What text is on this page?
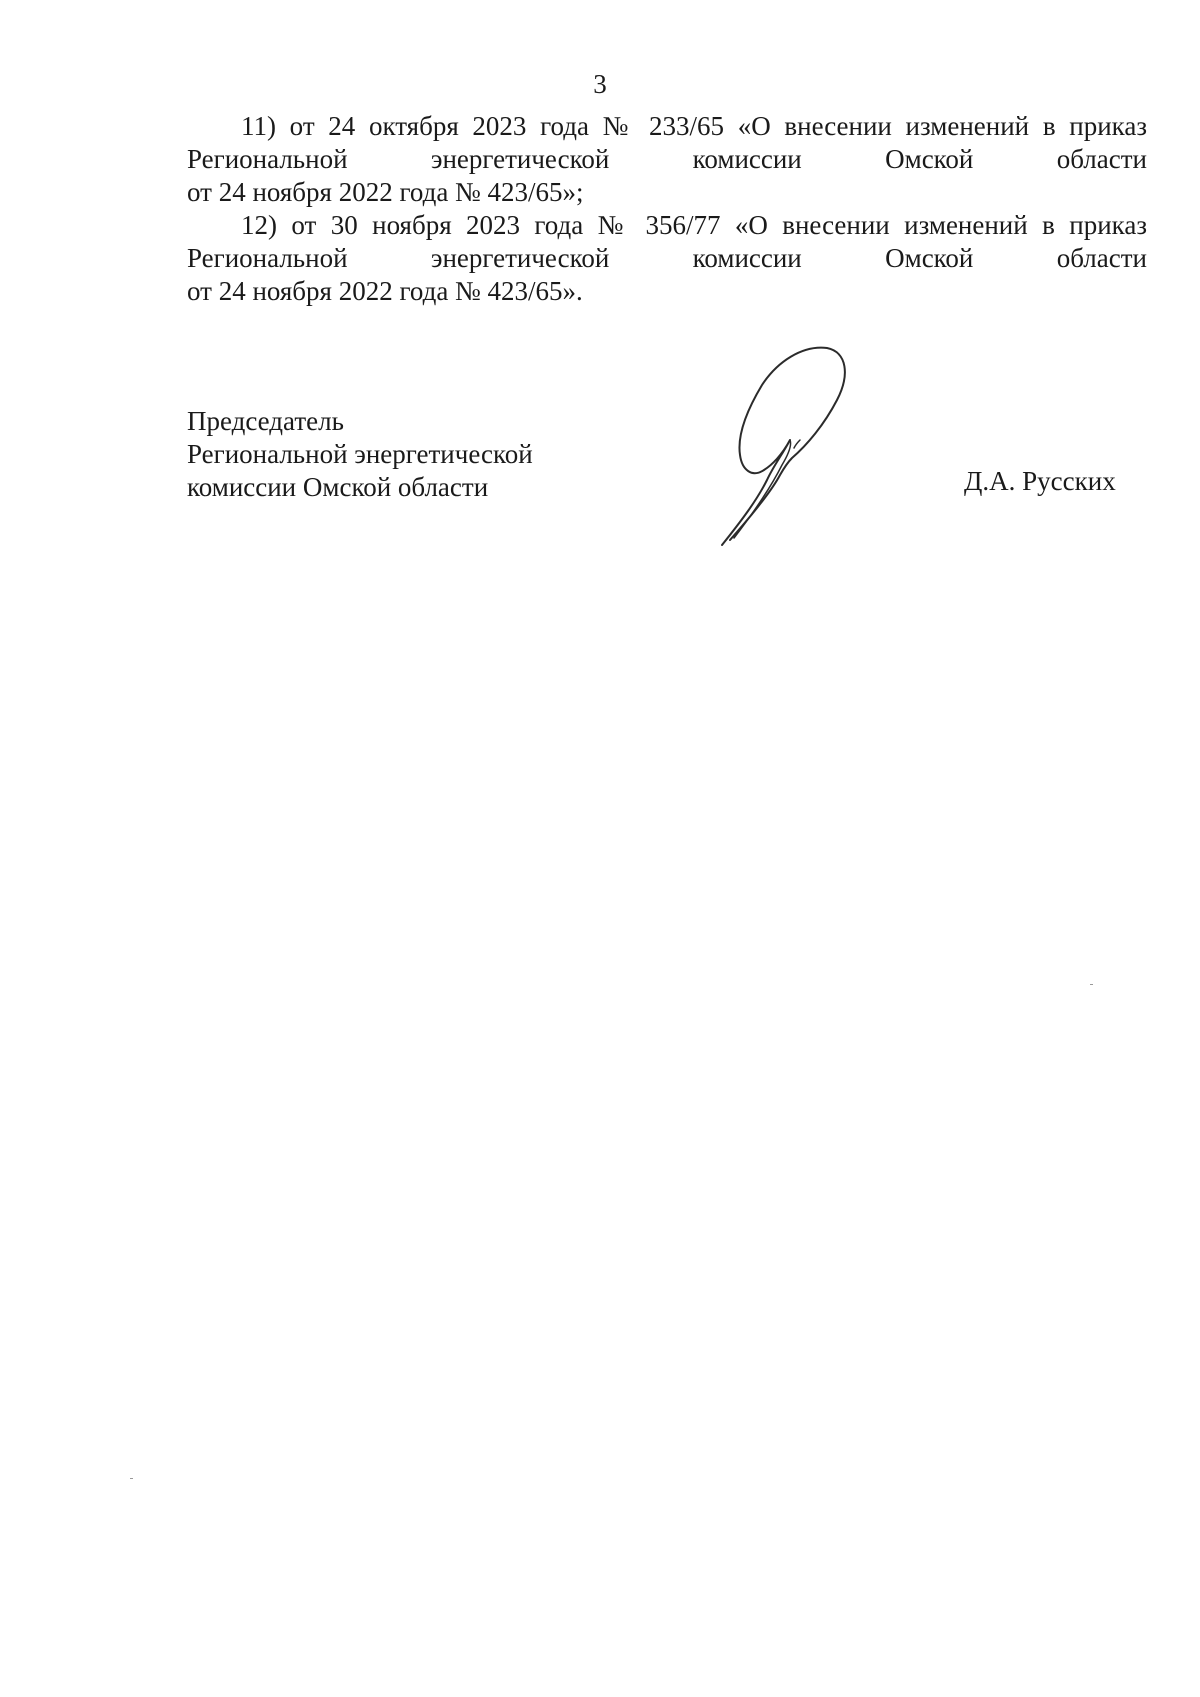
3

11) от 24 октября 2023 года № 233/65 «О внесении изменений в приказ
Региональной энергетической комиссии Омской области
от 24 ноября 2022 года № 423/65»;

12) от 30 ноября 2023 года № 356/77 «О внесении изменений в приказ
Региональной энергетической комиссии Омской области
от 24 ноября 2022 года № 423/65».

Председатель
Региональной энергетической
комиссии Омской области	Д.А. Русских
